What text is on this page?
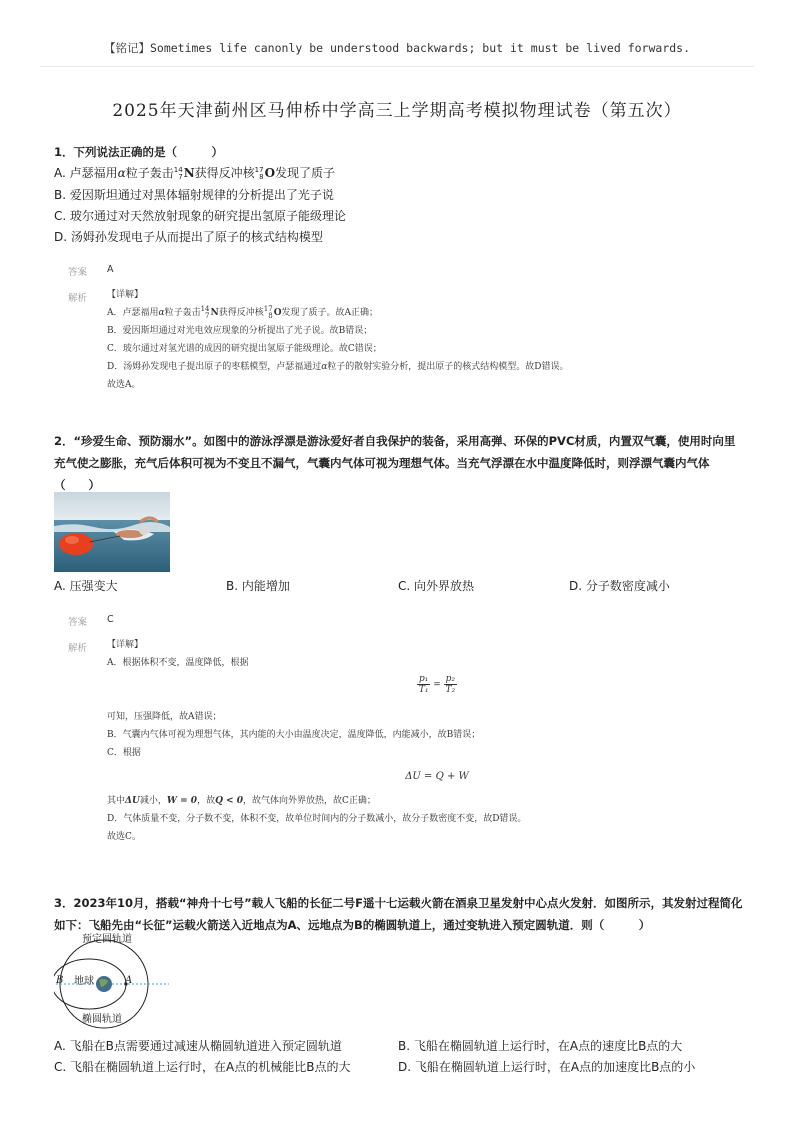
【铭记】Sometimes life canonly be understood backwards; but it must be lived forwards.
2025年天津蓟州区马伸桥中学高三上学期高考模拟物理试卷（第五次）
1．下列说法正确的是（　　　）
A. 卢瑟福用α粒子轰击 14
7 N获得反冲核 17
8 O发现了质子
B. 爱因斯坦通过对黑体辐射规律的分析提出了光子说
C. 玻尔通过对天然放射现象的研究提出氢原子能级理论
D. 汤姆孙发现电子从而提出了原子的核式结构模型
答案 A
解析 【详解】
A．卢瑟福用α粒子轰击 14
7 N获得反冲核 17
8 O发现了质子。故A正确；
B．爱因斯坦通过对光电效应现象的分析提出了光子说。故B错误；
C．玻尔通过对氢光谱的成因的研究提出氢原子能级理论。故C错误；
D．汤姆孙发现电子提出原子的枣糕模型，卢瑟福通过α粒子的散射实验分析，提出原子的核式结构模型。故D错误。
故选A。
2．“珍爱生命、预防溺水”。如图中的游泳浮漂是游泳爱好者自我保护的装备，采用高弹、环保的PVC材质，内置双气囊，使用时向里充气使之膨胀，充气后体积可视为不变且不漏气，气囊内气体可视为理想气体。当充气浮漂在水中温度降低时，则浮漂气囊内气体（　　）
A. 压强变大	B. 内能增加	C. 向外界放热	D. 分子数密度减小
答案 C
解析 【详解】
A．根据体积不变，温度降低，根据
$\frac{\text{p₁}}{\text{T₁}} = \frac{\text{p₂}}{\text{T₂}}$
可知，压强降低，故A错误；
B．气囊内气体可视为理想气体，其内能的大小由温度决定，温度降低，内能减小，故B错误；
C．根据
ΔU = Q + W
其中ΔU减小，W = 0，故Q < 0，故气体向外界放热，故C正确；
D．气体质量不变，分子数不变，体积不变，故单位时间内的分子数减小，故分子数密度不变，故D错误。
故选C。
3．2023年10月，搭载“神舟十七号”载人飞船的长征二号F遥十七运载火箭在酒泉卫星发射中心点火发射．如图所示，其发射过程简化如下：飞船先由“长征”运载火箭送入近地点为A、远地点为B的椭圆轨道上，通过变轨进入预定圆轨道．则（　　　）
预定圆轨道
地球
椭圆轨道
A
B
A. 飞船在B点需要通过减速从椭圆轨道进入预定圆轨道	B. 飞船在椭圆轨道上运行时，在A点的速度比B点的大
C. 飞船在椭圆轨道上运行时，在A点的机械能比B点的大	D. 飞船在椭圆轨道上运行时，在A点的加速度比B点的小
